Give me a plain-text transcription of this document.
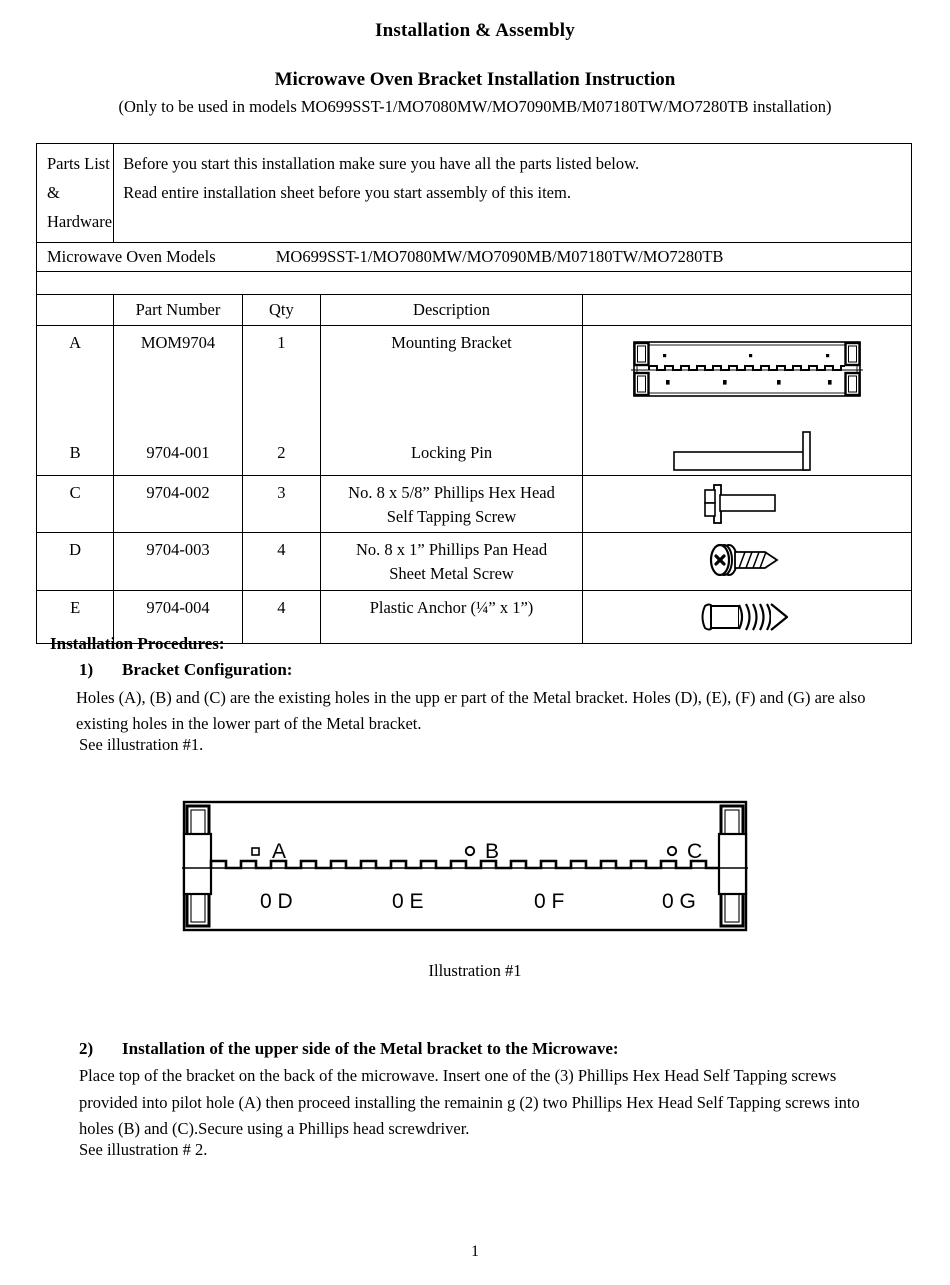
Installation & Assembly
Microwave Oven Bracket Installation Instruction
(Only to be used in models MO699SST-1/MO7080MW/MO7090MB/M07180TW/MO7280TB installation)
Parts List &
Hardware

Before you start this installation make sure you have all the parts listed below.
Read entire installation sheet before you start assembly of this item.

Microwave Oven Models MO699SST-1/MO7080MW/MO7090MB/M07180TW/MO7280TB				

	Part Number	Qty	Description	

A	MOM9704	1	Mounting Bracket

B	9704-001	2	Locking Pin	

C	9704-002	3	No. 8 x 5/8” Phillips Hex Head
Self Tapping Screw

D	9704-003	4	No. 8 x 1” Phillips Pan Head
Sheet Metal Screw

E	9704-004	4	Plastic Anchor (¼” x 1”)

Installation Procedures:
1) Bracket Configuration:
Holes (A), (B) and (C) are the existing holes in the upp er part of the Metal bracket. Holes (D), (E), (F) and (G) are also existing holes in the lower part of the Metal bracket.
See illustration #1.
A	B	C
0 D	0 E	0 F	0 G
Illustration #1
2) Installation of the upper side of the Metal bracket to the Microwave:
Place top of the bracket on the back of the microwave. Insert one of the (3) Phillips Hex Head Self Tapping screws provided into pilot hole (A) then proceed installing the remainin g (2) two Phillips Hex Head Self Tapping screws into holes (B) and (C).Secure using a Phillips head screwdriver.
See illustration # 2.
1
